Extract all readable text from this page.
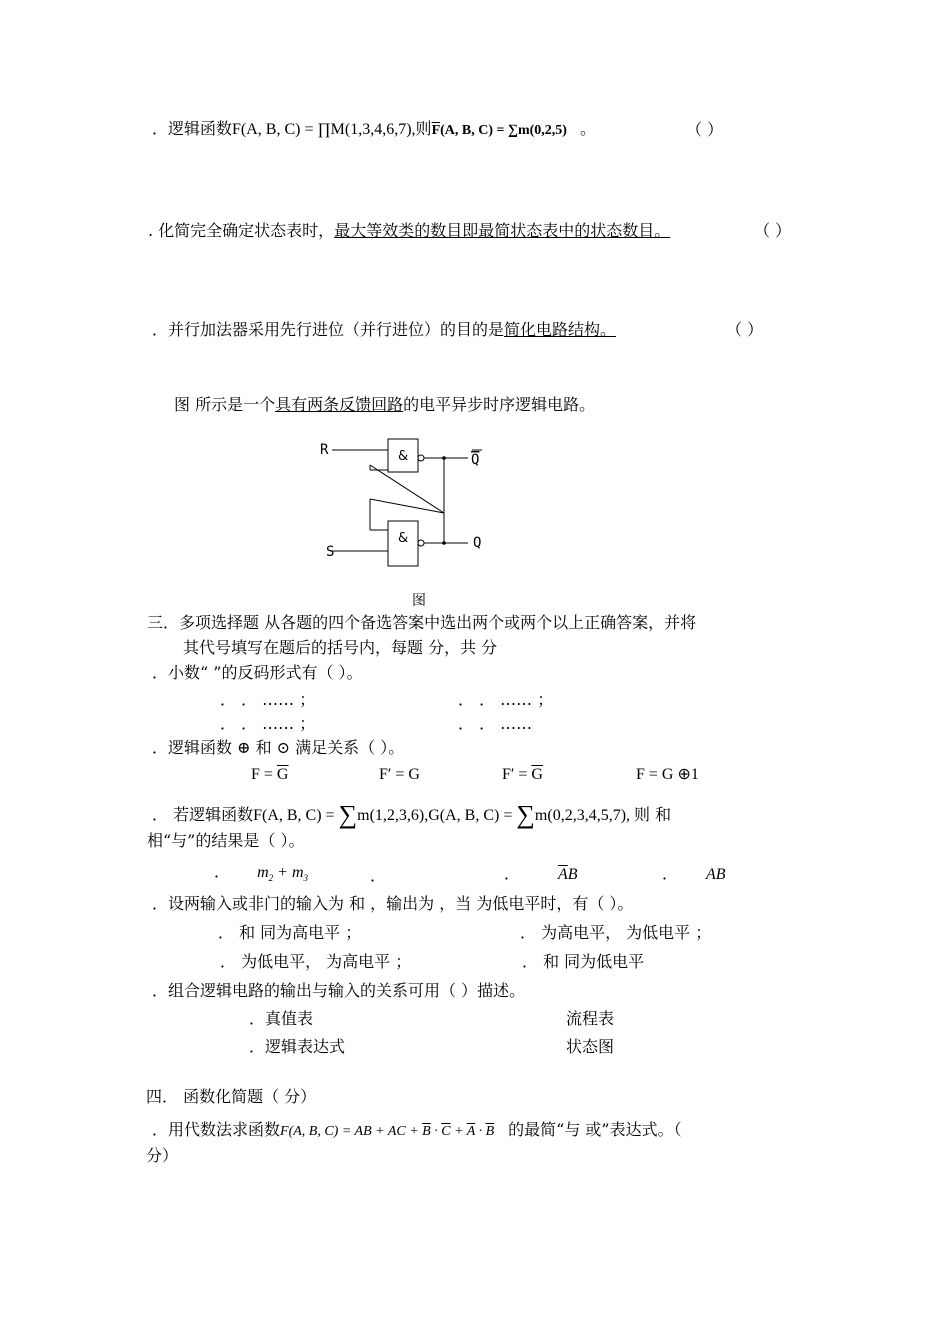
．逻辑函数F(A, B, C) = ∏M(1,3,4,6,7),则$\overline{F}(A$, B, C) = ∑m(0,2,5) 。	（ ）
. 化简完全确定状态表时，最大等效类的数目即最简状态表中的状态数目。	（ ）
．并行加法器采用先行进位（并行进位）的目的是简化电路结构。	（ ）
图 所示是一个具有两条反馈回路的电平异步时序逻辑电路。
R
S
&
&
Q
Q
图
三．多项选择题 从各题的四个备选答案中选出两个或两个以上正确答案，并将
其代号填写在题后的括号内，每题 分，共 分
．小数“ ”的反码形式有（ ）。
． ． …… ；	． ． …… ；
． ． …… ；	． ． ……
．逻辑函数 ⊕ 和 ⊙ 满足关系（ ）。
$F = \overline{G}$	F′ = G	$F' = \overline{G}$	F = G ⊕1
． 若逻辑函数F(A, B, C) = ∑m(1,2,3,6),G(A, B, C) = ∑m(0,2,3,4,5,7), 则 和
相“与”的结果是（ ）。
． $m_2 + m_3$	．	． $\overline{A}B$	． AB
．设两输入或非门的输入为 和 ，输出为 ，当 为低电平时，有（ ）。
． 和 同为高电平 ；	． 为高电平， 为低电平 ；
． 为低电平， 为高电平 ；	． 和 同为低电平
．组合逻辑电路的输出与输入的关系可用（ ）描述。
．真值表	流程表
．逻辑表达式	状态图
四． 函数化简题（ 分）
．用代数法求函数F(A, B, C) = AB + AC + $\overline{B} \cdot \overline{C} + \overline{A} \cdot \overline{B}$ 的最简“与 或”表达式。（
分）
